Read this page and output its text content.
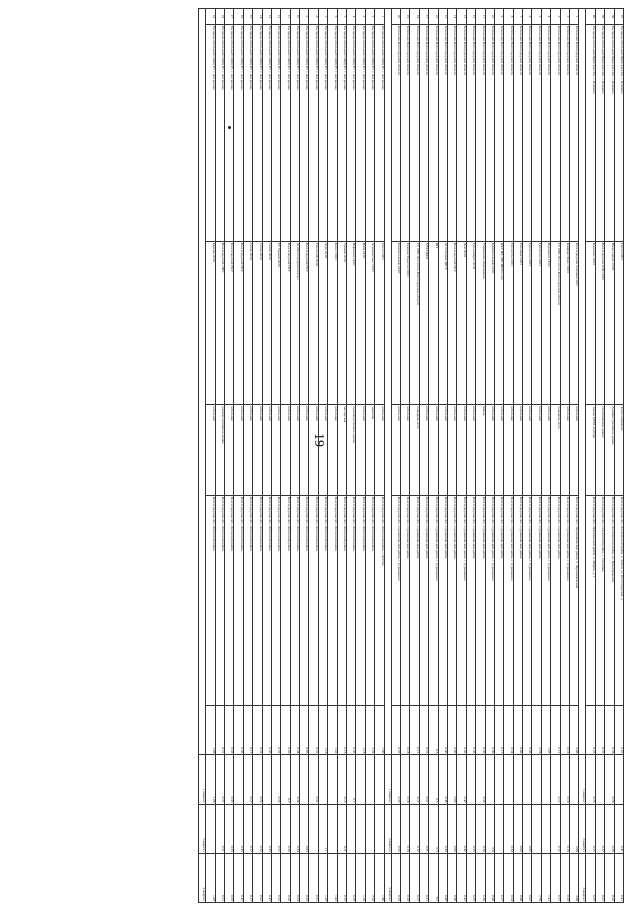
19
37	Распределительный Пермская Обл. с. Комнаты	Тепло ООО	Теплоснабжение	Волгоградская обл., Калачевский район, х. Зимин, ул. Волгоградская, д.	0.01		0.41	0.41
38	Распределительный Пермская Обл. с. Комнаты	Югра Сервис ООО	Административное здание	Волгоградская обл., Калачевский район, ул. Преображения	0.26	0.26	0.26	0.26
39	Распределительный Пермская Обл. с. Комнаты	Волгоградская ОЭК ООО	Отапливаемое здание	Волгоградская обл., Ольховский район, с. Ольховка	0.22		0.22	0.22
40	Распределительный Пермская Обл. с. Комнаты	Комплекс ООО	здание МТМ, контора	Волгоградская обл., Иловлинский район, п. Ширяи, д. 1	0.25	0.25	0.25	0.25
						1 квартал	2 квартал	3 квартал
1	Котельная Волгоградской области	Волгоградская тепловая ООО	котельная	Волгоградская обл., Чернышковский район, п. Чернышковский	3.88		3.88	3.88
2	Котельная Волгоградской области	Комфорт Плюс ООО	котельная	Волгоградская обл., Суровикинский район, г. Суровикино	0.16	0.16	0.16	0.16
3	Котельная Волгоградской области	ГУ МЧС России по Волгоградской области	пожарная часть	Волгоградская обл., Суровикинский район	0.12	0.12	0.12	0.17
4	Котельная Волгоградской области	Водоканал ООО	котельная	Волгоградская обл., Суровикинский район, г. Суровикино	1.47			1.41
5	Котельная Волгоградской области	Теплосеть ООО	котельная	Волгоградская обл., Суровикинский район	2.76			2.76
6	Котельная Волгоградской области	Теплосеть ООО	котельная	Волгоградская обл., Суровикинский район, г. Суровикино	0.92		0.92	0.92
7	Котельная Волгоградской области	Тепловик ООО	котельная	Волгоградская обл., Суровикинский район	0.60		0.60	0.60
8	Котельная Волгоградской области	Теплосеть ООО	котельная	Волгоградская обл., Суровикинский район, г. Суровикино	0.34		0.34	0.34
9	Котельная Волгоградской области	ФКУ ИК УФСИН России	котельная	Волгоградская обл., Суровикинский район	0.17			0.17
10	Котельная Волгоградской области	Коммунальщик ООО	котельная	Волгоградская обл., Суровикинский район, г. Суровикино	0.90		0.8	0.90
11	Котельная Волгоградской области	Управление образования	школа	Волгоградская обл., Суровикинский район	0.30	0.30	0.30	0.30
12	Котельная Волгоградской области	Теплоэнерго ООО	котельная	Волгоградская обл., Суровикинский район	0.35		0.35	0.35
13	Котельная Волгоградской области	Дом ООО	котельная	Волгоградская обл., Суровикинский район, г. Суровикино	0.42	0.42	0.42	0.42
14	Котельная Волгоградской области	Волгоградский ГКУ	котельная	Волгоградская обл., Суровикинский район	0.60	0.60	0.60	0.60
15	Котельная Волгоградской области	АО Газпром ДРСУ	котельная	Волгоградская обл., Суровикинский район	0.40	0.40	0.40	0.40
16	Котельная Волгоградской области	ИП	котельная	Волгоградская обл., Суровикинский район, г. Суровикино	0.5	0.5	0.5	0.5
17	Котельная Волгоградской области	МУП ЖКХ	котельная	Волгоградская обл., Суровикинский район	0.51	0.51	0.51	0.51
18	Котельная Волгоградской области	ГУ МЧС России по Волгоградской области	пожарная часть	Волгоградская обл., Суровикинский район	0.12	0.12	0.12	0.12
19	Котельная Волгоградской области	Газпром Трансгаз ООО	котельная	Волгоградская обл., Суровикинский район	0.18	0.18	0.18	0.18
20	Котельная Волгоградской области	Коммунальщик ООО	котельная	Волгоградская обл., Суровикинский район, г. Суровикино	0.33	0.33	0.33	0.33
						1 квартал	2 квартал	3 квартал
1	Распределительный САИД РС с. Антропово	Тепло ООО	котельная	Волгоградская обл., Котовский район, г. Котово	1.80			1.80
2	Распределительный САИД РС с. Антропово	Агрокомплекс ООО	зерноток	Волгоградская обл., Котовский район	2.29			2.29
3	Распределительный САИД РС с. Антропово	Нива ООО	котельная	Волгоградская обл., Котовский район	1.18			1.18
4	Распределительный САИД РС с. Антропово	Нефтяник ООО	производственное здание	Волгоградская обл., Котовский район	0.20	0.2		0.20
5	Распределительный САИД РС с. Антропово	Урожай ООО	мастерская	Волгоградская обл., Котовский район	0.15	0.15	0.11	0.15
6	Распределительный САИД РС с. Антропово	Колос ООО	котельная	Волгоградская обл., Котовский район	1.42			1.42
7	Распределительный САИД РС с. Антропово	Агро ООО	котельная	Волгоградская обл., Котовский район	1.18		1.1	1.18
8	Распределительный САИД РС с. Антропово	Теплоснаб ООО	котельная	Волгоградская обл., Котовский район	0.31	0.31		0.31
9	Распределительный САИД РС с. Антропово	Волгоградский ГКУ	котельная	Волгоградская обл., Котовский район	0.63		0.63	0.63
10	Распределительный САИД РС с. Антропово	АО Волгоградоблэлектро	котельная	Волгоградская обл., Котовский район	0.34	0.34	0.34	0.34
11	Распределительный САИД РС с. Антропово	Волгоградский ГКУ	котельная	Волгоградская обл., Котовский район	0.20	0.2	0.20	0.20
12	Распределительный САИД РС с. Антропово	ЕТ Урожай ООО	котельная	Волгоградская обл., Котовский район	0.22	0.22	0.22	0.22
13	Распределительный САИД РС с. Антропово	Сигма ООО	котельная	Волгоградская обл., Котовский район	0.45		0.45	0.45
14	Распределительный САИД РС с. Антропово	Сигма ООО	котельная	Волгоградская обл., Котовский район	0.22	0.22	0.22	0.22
15	Распределительный САИД РС с. Антропово	Сигма ООО	котельная	Волгоградская обл., Котовский район	0.17	0.17	0.17	0.17
16	Распределительный САИД РС с. Антропово	Волгоградский ГКУ	котельная	Волгоградская обл., Котовский район	0.45		0.45	0.45
17	Распределительный САИД РС с. Антропово	Волгоградский ГКУ	котельная	Волгоградская обл., Котовский район	0.33	0.33	0.33	0.33
18	Распределительный САИД РС с. Антропово	Волгоградский ЛПУ	административное здание	Волгоградская обл., Котовский район	0.21	0.21	0.21	0.21
19	Распределительный САИД РС с. Антропово	Березка ООО	котельная	Волгоградская обл., Котовский район	1.06	1.06		1.06
						1 квартал	2 квартал	3 квартал
